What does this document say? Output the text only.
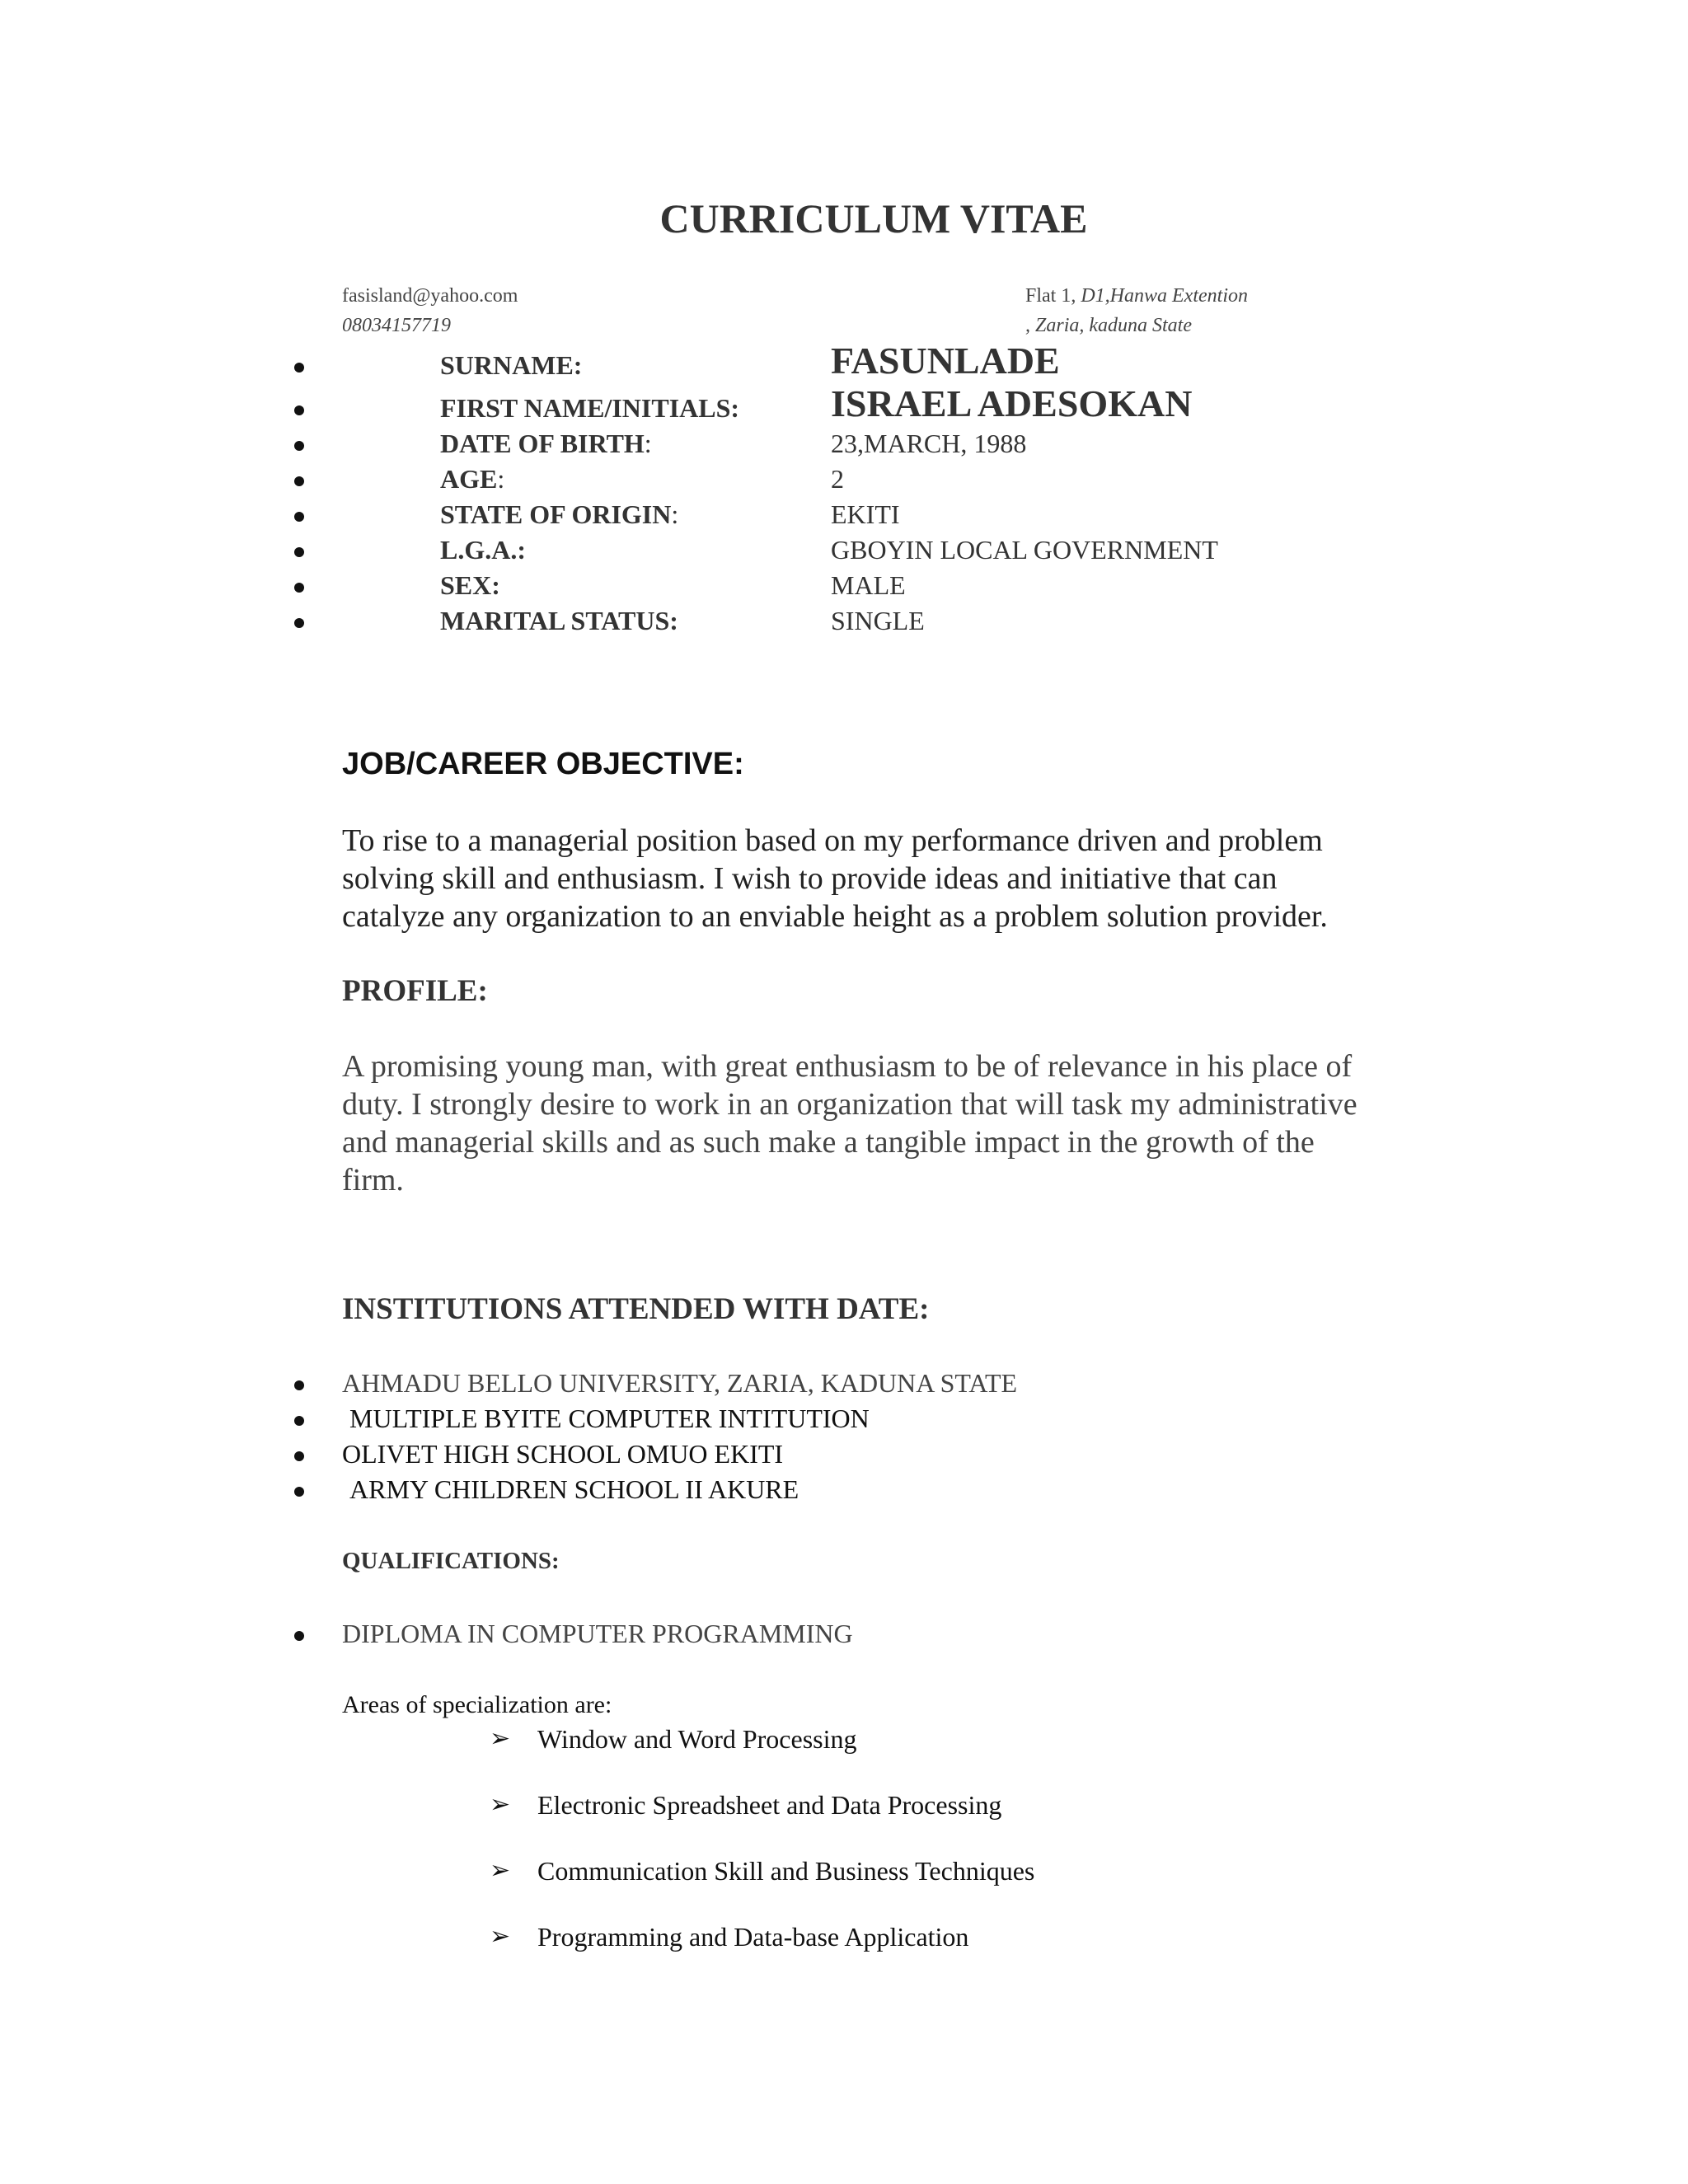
CURRICULUM VITAE
fasisland@yahoo.com
08034157719
Flat 1, D1,Hanwa Extention
, Zaria, kaduna State
SURNAME:	FASUNLADE
FIRST NAME/INITIALS: ISRAEL ADESOKAN
DATE OF BIRTH:	23,MARCH, 1988
AGE:	2
STATE OF ORIGIN:	EKITI
L.G.A.:	GBOYIN LOCAL GOVERNMENT
SEX:	MALE
MARITAL STATUS:	SINGLE
JOB/CAREER OBJECTIVE:
To rise to a managerial position based on my performance driven and problem
solving skill and enthusiasm. I wish to provide ideas and initiative that can
catalyze any organization to an enviable height as a problem solution provider.
PROFILE:
A promising young man, with great enthusiasm to be of relevance in his place of
duty. I strongly desire to work in an organization that will task my administrative
and managerial skills and as such make a tangible impact in the growth of the
firm.
INSTITUTIONS ATTENDED WITH DATE:
AHMADU BELLO UNIVERSITY, ZARIA, KADUNA STATE
MULTIPLE BYITE COMPUTER INTITUTION
OLIVET HIGH SCHOOL OMUO EKITI
ARMY CHILDREN SCHOOL II AKURE
QUALIFICATIONS:
DIPLOMA IN COMPUTER PROGRAMMING
Areas of specialization are:
➢ Window and Word Processing
➢ Electronic Spreadsheet and Data Processing
➢ Communication Skill and Business Techniques
➢ Programming and Data-base Application
